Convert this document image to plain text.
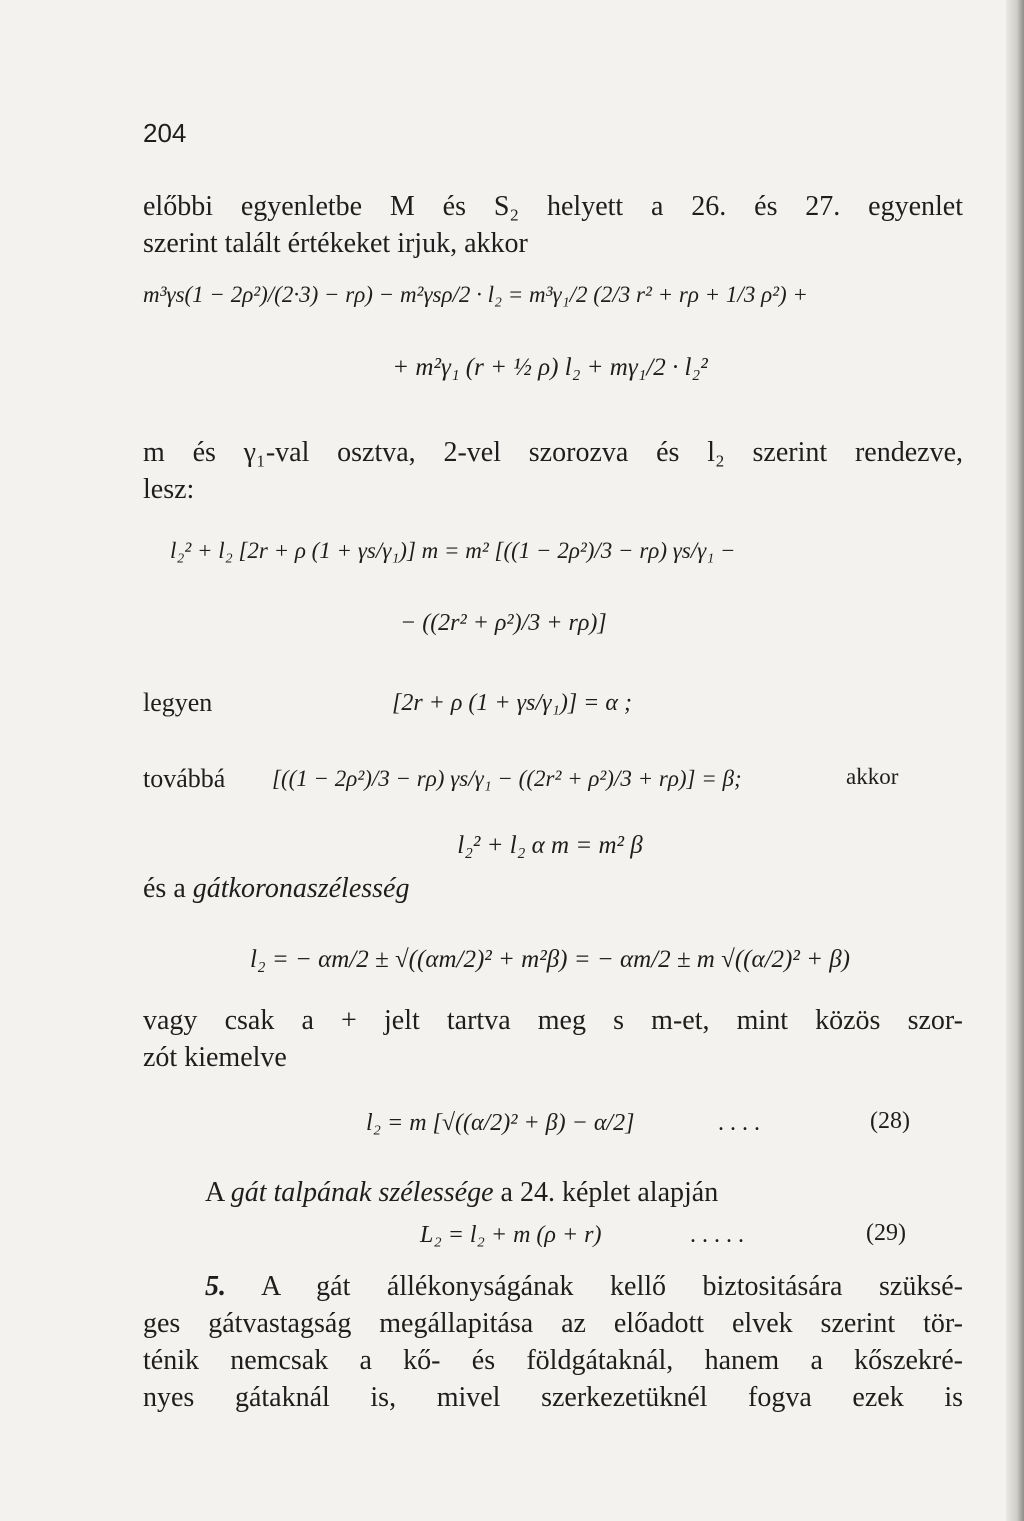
204
előbbi egyenletbe M és S₂ helyett a 26. és 27. egyenlet
szerint talált értékeket irjuk, akkor
m³γs(1 − 2ρ²)/(2·3) − rρ) − m²γsρ/2 · l₂ = m³γ₁/2 (2/3 r² + rρ + 1/3 ρ²) +
+ m²γ₁ (r + ½ ρ) l₂ + mγ₁/2 · l₂²
m és γ₁-val osztva, 2-vel szorozva és l₂ szerint rendezve,
lesz:
l₂² + l₂ [2r + ρ (1 + γs/γ₁)] m = m² [((1 − 2ρ²)/3 − rρ) γs/γ₁ −
− ((2r² + ρ²)/3 + rρ)]
legyen	[2r + ρ (1 + γs/γ₁)] = α ;
továbbá [((1 − 2ρ²)/3 − rρ) γs/γ₁ − ((2r² + ρ²)/3 + rρ)] = β;	akkor
l₂² + l₂ α m = m² β
és a gátkoronaszélesség
l₂ = − αm/2 ± √((αm/2)² + m²β) = − αm/2 ± m √((α/2)² + β)
vagy csak a + jelt tartva meg s m-et, mint közös szor-
zót kiemelve
l₂ = m [√((α/2)² + β) − α/2]	. . . .	(28)
A gát talpának szélessége a 24. képlet alapján
L₂ = l₂ + m (ρ + r)	. . . . .	(29)
5. A gát állékonyságának kellő biztositására szüksé-
ges gátvastagság megállapitása az előadott elvek szerint tör-
ténik nemcsak a kő- és földgátaknál, hanem a kőszekré-
nyes gátaknál is, mivel szerkezetüknél fogva ezek is
